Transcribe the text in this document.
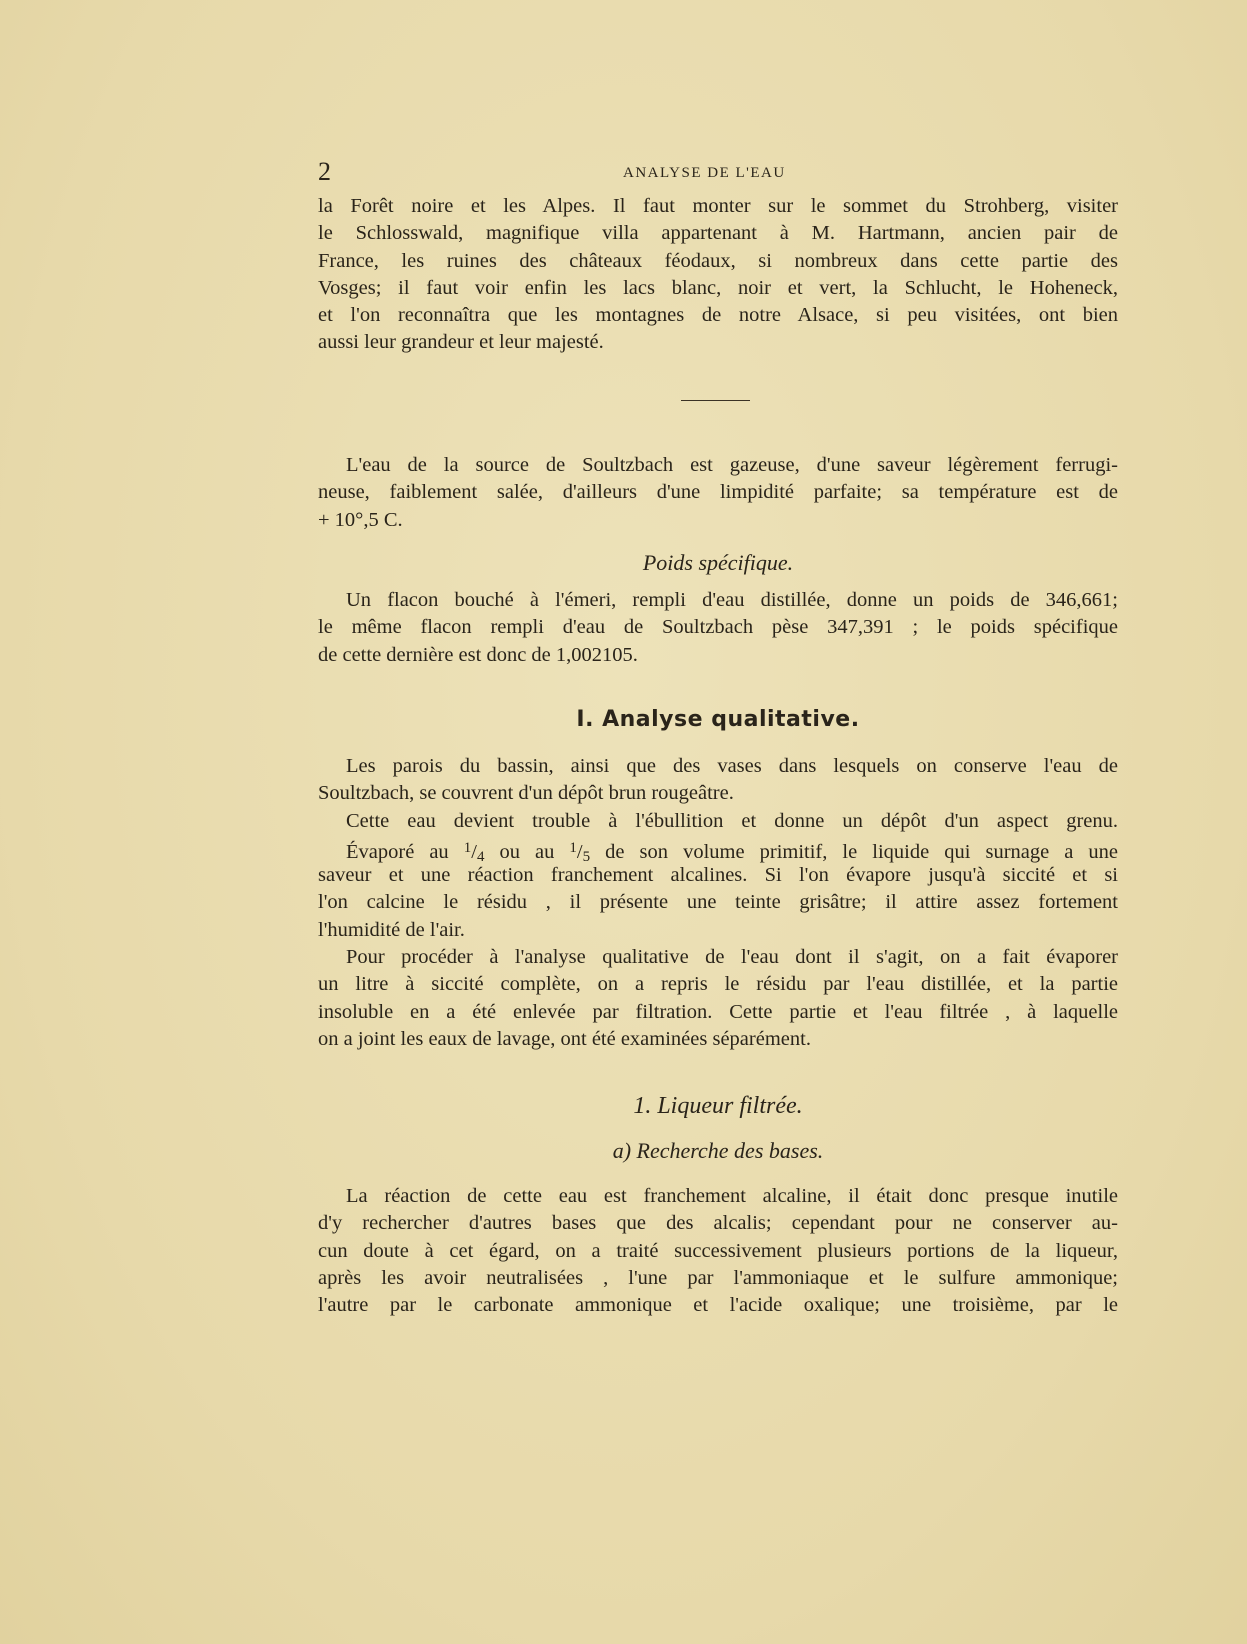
2	ANALYSE DE L'EAU
la Forêt noire et les Alpes. Il faut monter sur le sommet du Strohberg, visiter
le Schlosswald, magnifique villa appartenant à M. Hartmann, ancien pair de
France, les ruines des châteaux féodaux, si nombreux dans cette partie des
Vosges; il faut voir enfin les lacs blanc, noir et vert, la Schlucht, le Hoheneck,
et l'on reconnaîtra que les montagnes de notre Alsace, si peu visitées, ont bien
aussi leur grandeur et leur majesté.
L'eau de la source de Soultzbach est gazeuse, d'une saveur légèrement ferrugi-
neuse, faiblement salée, d'ailleurs d'une limpidité parfaite; sa température est de
+ 10°,5 C.

Poids spécifique.

Un flacon bouché à l'émeri, rempli d'eau distillée, donne un poids de 346,661;
le même flacon rempli d'eau de Soultzbach pèse 347,391 ; le poids spécifique
de cette dernière est donc de 1,002105.

I. Analyse qualitative.

Les parois du bassin, ainsi que des vases dans lesquels on conserve l'eau de
Soultzbach, se couvrent d'un dépôt brun rougeâtre.
Cette eau devient trouble à l'ébullition et donne un dépôt d'un aspect grenu.
Évaporé au $^1$/4 ou au $^1$/5 de son volume primitif, le liquide qui surnage a une
saveur et une réaction franchement alcalines. Si l'on évapore jusqu'à siccité et si
l'on calcine le résidu , il présente une teinte grisâtre; il attire assez fortement
l'humidité de l'air.
Pour procéder à l'analyse qualitative de l'eau dont il s'agit, on a fait évaporer
un litre à siccité complète, on a repris le résidu par l'eau distillée, et la partie
insoluble en a été enlevée par filtration. Cette partie et l'eau filtrée , à laquelle
on a joint les eaux de lavage, ont été examinées séparément.

1. Liqueur filtrée.

a) Recherche des bases.

La réaction de cette eau est franchement alcaline, il était donc presque inutile
d'y rechercher d'autres bases que des alcalis; cependant pour ne conserver au-
cun doute à cet égard, on a traité successivement plusieurs portions de la liqueur,
après les avoir neutralisées , l'une par l'ammoniaque et le sulfure ammonique;
l'autre par le carbonate ammonique et l'acide oxalique; une troisième, par le
